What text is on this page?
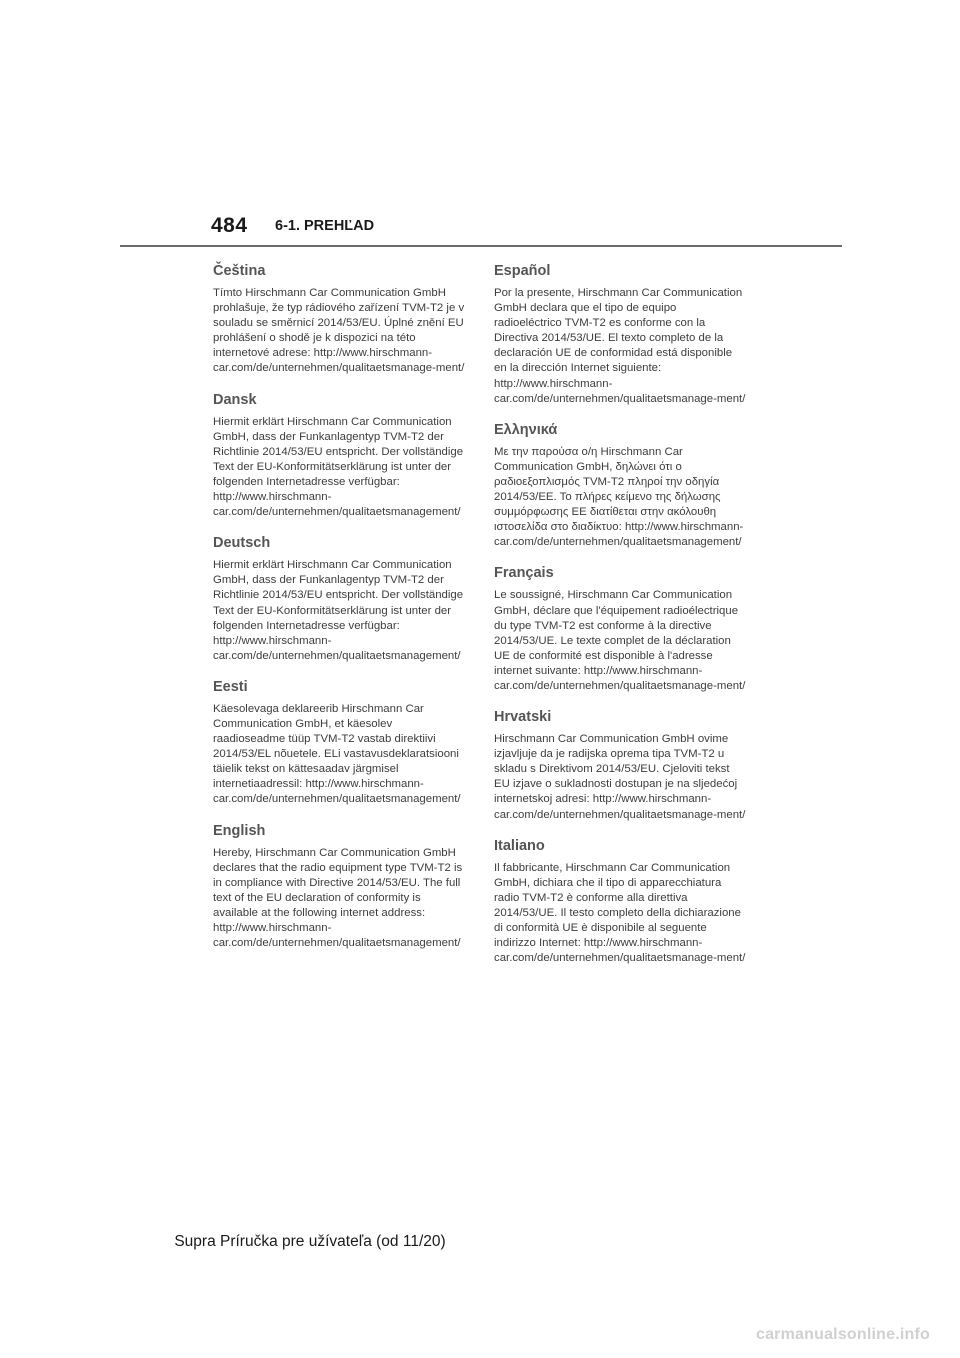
484 6-1. PREHĽAD
Čeština

Tímto Hirschmann Car Communication GmbH prohlašuje, že typ rádiového zařízení TVM-T2 je v souladu se směrnicí 2014/53/EU. Úplné znění EU prohlášení o shodě je k dispozici na této internetové adrese: http://www.hirschmann-car.com/de/unternehmen/qualitaetsmanage-ment/

Dansk

Hiermit erklärt Hirschmann Car Communication GmbH, dass der Funkanlagentyp TVM-T2 der Richtlinie 2014/53/EU entspricht. Der vollständige Text der EU-Konformitätserklärung ist unter der folgenden Internetadresse verfügbar: http://www.hirschmann-car.com/de/unternehmen/qualitaetsmanagement/

Deutsch

Hiermit erklärt Hirschmann Car Communication GmbH, dass der Funkanlagentyp TVM-T2 der Richtlinie 2014/53/EU entspricht. Der vollständige Text der EU-Konformitätserklärung ist unter der folgenden Internetadresse verfügbar: http://www.hirschmann-car.com/de/unternehmen/qualitaetsmanagement/

Eesti

Käesolevaga deklareerib Hirschmann Car Communication GmbH, et käesolev raadioseadme tüüp TVM-T2 vastab direktiivi 2014/53/EL nõuetele. ELi vastavusdeklaratsiooni täielik tekst on kättesaadav järgmisel internetiaadressil: http://www.hirschmann-car.com/de/unternehmen/qualitaetsmanagement/

English

Hereby, Hirschmann Car Communication GmbH declares that the radio equipment type TVM-T2 is in compliance with Directive 2014/53/EU. The full text of the EU declaration of conformity is available at the following internet address: http://www.hirschmann-car.com/de/unternehmen/qualitaetsmanagement/

Español

Por la presente, Hirschmann Car Communication GmbH declara que el tipo de equipo radioeléctrico TVM-T2 es conforme con la Directiva 2014/53/UE. El texto completo de la declaración UE de conformidad está disponible en la dirección Internet siguiente: http://www.hirschmann-car.com/de/unternehmen/qualitaetsmanage-ment/

Ελληνικά

Με την παρούσα ο/η Hirschmann Car Communication GmbH, δηλώνει ότι ο ραδιοεξοπλισμός TVM-T2 πληροί την οδηγία 2014/53/ΕΕ. Το πλήρες κείμενο της δήλωσης συμμόρφωσης ΕΕ διατίθεται στην ακόλουθη ιστοσελίδα στο διαδίκτυο: http://www.hirschmann-car.com/de/unternehmen/qualitaetsmanagement/

Français

Le soussigné, Hirschmann Car Communication GmbH, déclare que l'équipement radioélectrique du type TVM-T2 est conforme à la directive 2014/53/UE. Le texte complet de la déclaration UE de conformité est disponible à l'adresse internet suivante: http://www.hirschmann-car.com/de/unternehmen/qualitaetsmanage-ment/

Hrvatski

Hirschmann Car Communication GmbH ovime izjavljuje da je radijska oprema tipa TVM-T2 u skladu s Direktivom 2014/53/EU. Cjeloviti tekst EU izjave o sukladnosti dostupan je na sljedećoj internetskoj adresi: http://www.hirschmann-car.com/de/unternehmen/qualitaetsmanage-ment/

Italiano

Il fabbricante, Hirschmann Car Communication GmbH, dichiara che il tipo di apparecchiatura radio TVM-T2 è conforme alla direttiva 2014/53/UE. Il testo completo della dichiarazione di conformità UE è disponibile al seguente indirizzo Internet: http://www.hirschmann-car.com/de/unternehmen/qualitaetsmanage-ment/

Supra Príručka pre užívateľa (od 11/20)
carmanualsonline.info
